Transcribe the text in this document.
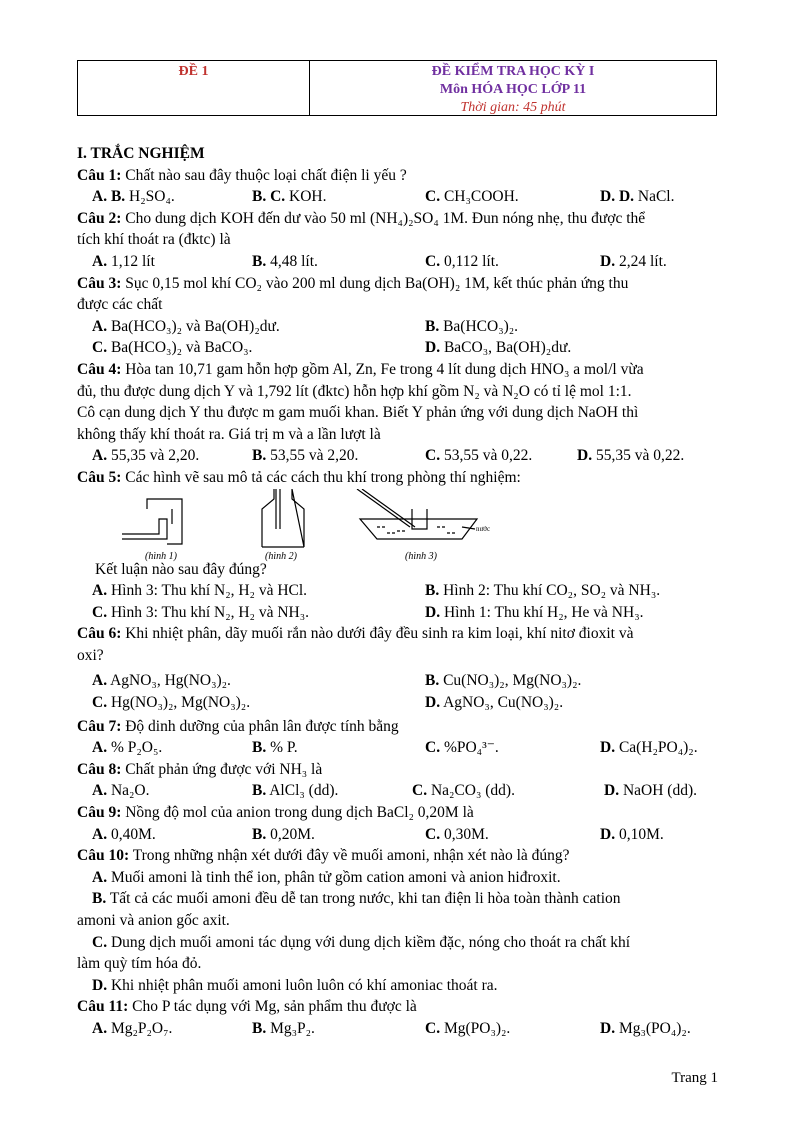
ĐỀ 1	ĐỀ KIỂM TRA HỌC KỲ I
Môn HÓA HỌC LỚP 11
Thời gian: 45 phút
I. TRẮC NGHIỆM
Câu 1: Chất nào sau đây thuộc loại chất điện li yếu ?
A. B. H₂SO₄.	B. C. KOH.	C. CH₃COOH.	D. D. NaCl.
Câu 2: Cho dung dịch KOH đến dư vào 50 ml (NH₄)₂SO₄ 1M. Đun nóng nhẹ, thu được thể
tích khí thoát ra (đktc) là
A. 1,12 lít	B. 4,48 lít.	C. 0,112 lít.	D. 2,24 lít.
Câu 3: Sục 0,15 mol khí CO₂ vào 200 ml dung dịch Ba(OH)₂ 1M, kết thúc phản ứng thu
được các chất
A. Ba(HCO₃)₂ và Ba(OH)₂dư.	B. Ba(HCO₃)₂.
C. Ba(HCO₃)₂ và BaCO₃.	D. BaCO₃, Ba(OH)₂dư.
Câu 4: Hòa tan 10,71 gam hỗn hợp gồm Al, Zn, Fe trong 4 lít dung dịch HNO₃ a mol/l vừa
đủ, thu được dung dịch Y và 1,792 lít (đktc) hỗn hợp khí gồm N₂ và N₂O có tỉ lệ mol 1:1.
Cô cạn dung dịch Y thu được m gam muối khan. Biết Y phản ứng với dung dịch NaOH thì
không thấy khí thoát ra. Giá trị m và a lần lượt là
A. 55,35 và 2,20.	B. 53,55 và 2,20.	C. 53,55 và 0,22.	D. 55,35 và 0,22.
Câu 5: Các hình vẽ sau mô tả các cách thu khí trong phòng thí nghiệm:
(hình 1)	(hình 2)
nước
(hình 3)
Kết luận nào sau đây đúng?
A. Hình 3: Thu khí N₂, H₂ và HCl.	B. Hình 2: Thu khí CO₂, SO₂ và NH₃.
C. Hình 3: Thu khí N₂, H₂ và NH₃.	D. Hình 1: Thu khí H₂, He và NH₃.
Câu 6: Khi nhiệt phân, dãy muối rắn nào dưới đây đều sinh ra kim loại, khí nitơ đioxit và
oxi?
A. AgNO₃, Hg(NO₃)₂.	B. Cu(NO₃)₂, Mg(NO₃)₂.
C. Hg(NO₃)₂, Mg(NO₃)₂.	D. AgNO₃, Cu(NO₃)₂.
Câu 7: Độ dinh dưỡng của phân lân được tính bằng
A. % P₂O₅.	B. % P.	C. %PO₄³⁻.	D. Ca(H₂PO₄)₂.
Câu 8: Chất phản ứng được với NH₃ là
A. Na₂O.	B. AlCl₃ (dd).	C. Na₂CO₃ (dd).	D. NaOH (dd).
Câu 9: Nồng độ mol của anion trong dung dịch BaCl₂ 0,20M là
A. 0,40M.	B. 0,20M.	C. 0,30M.	D. 0,10M.
Câu 10: Trong những nhận xét dưới đây về muối amoni, nhận xét nào là đúng?
A. Muối amoni là tinh thể ion, phân tử gồm cation amoni và anion hiđroxit.
B. Tất cả các muối amoni đều dễ tan trong nước, khi tan điện li hòa toàn thành cation
amoni và anion gốc axit.
C. Dung dịch muối amoni tác dụng với dung dịch kiềm đặc, nóng cho thoát ra chất khí
làm quỳ tím hóa đỏ.
D. Khi nhiệt phân muối amoni luôn luôn có khí amoniac thoát ra.
Câu 11: Cho P tác dụng với Mg, sản phẩm thu được là
A. Mg₂P₂O₇.	B. Mg₃P₂.	C. Mg(PO₃)₂.	D. Mg₃(PO₄)₂.
Trang 1
